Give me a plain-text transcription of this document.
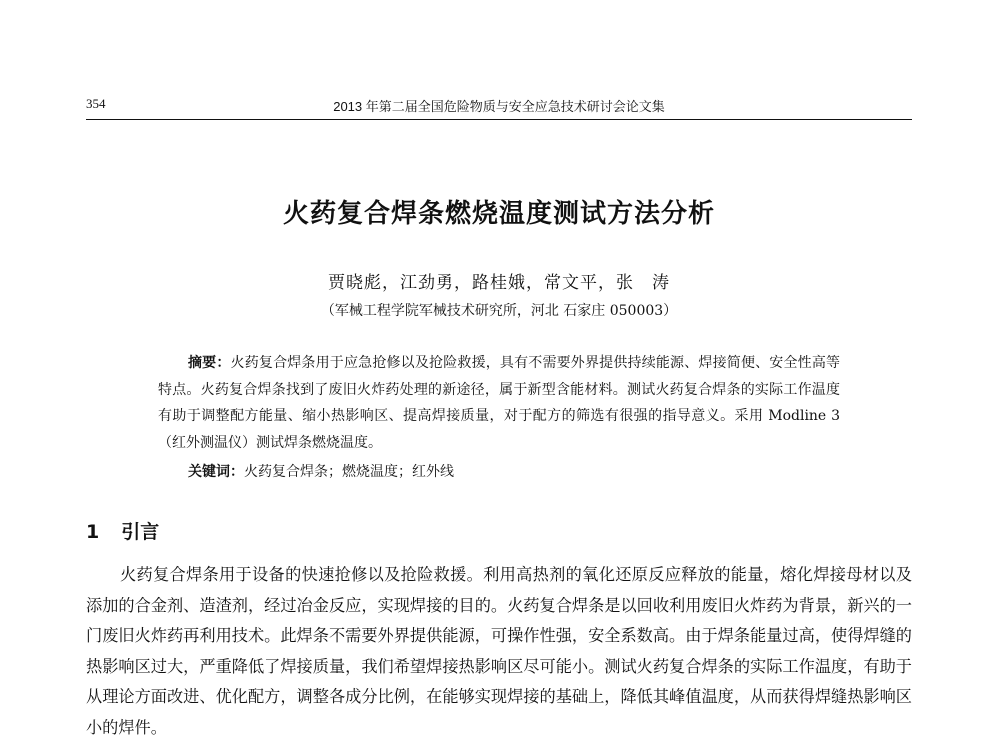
354	2013 年第二届全国危险物质与安全应急技术研讨会论文集
火药复合焊条燃烧温度测试方法分析
贾晓彪，江劲勇，路桂娥，常文平，张　涛
（军械工程学院军械技术研究所，河北 石家庄 050003）
摘要：火药复合焊条用于应急抢修以及抢险救援，具有不需要外界提供持续能源、焊接简便、安全性高等特点。火药复合焊条找到了废旧火炸药处理的新途径，属于新型含能材料。测试火药复合焊条的实际工作温度有助于调整配方能量、缩小热影响区、提高焊接质量，对于配方的筛选有很强的指导意义。采用 Modline 3（红外测温仪）测试焊条燃烧温度。
关键词：火药复合焊条；燃烧温度；红外线
1 引言
火药复合焊条用于设备的快速抢修以及抢险救援。利用高热剂的氧化还原反应释放的能量，熔化焊接母材以及添加的合金剂、造渣剂，经过冶金反应，实现焊接的目的。火药复合焊条是以回收利用废旧火炸药为背景，新兴的一门废旧火炸药再利用技术。此焊条不需要外界提供能源，可操作性强，安全系数高。由于焊条能量过高，使得焊缝的热影响区过大，严重降低了焊接质量，我们希望焊接热影响区尽可能小。测试火药复合焊条的实际工作温度，有助于从理论方面改进、优化配方，调整各成分比例，在能够实现焊接的基础上，降低其峰值温度，从而获得焊缝热影响区小的焊件。
